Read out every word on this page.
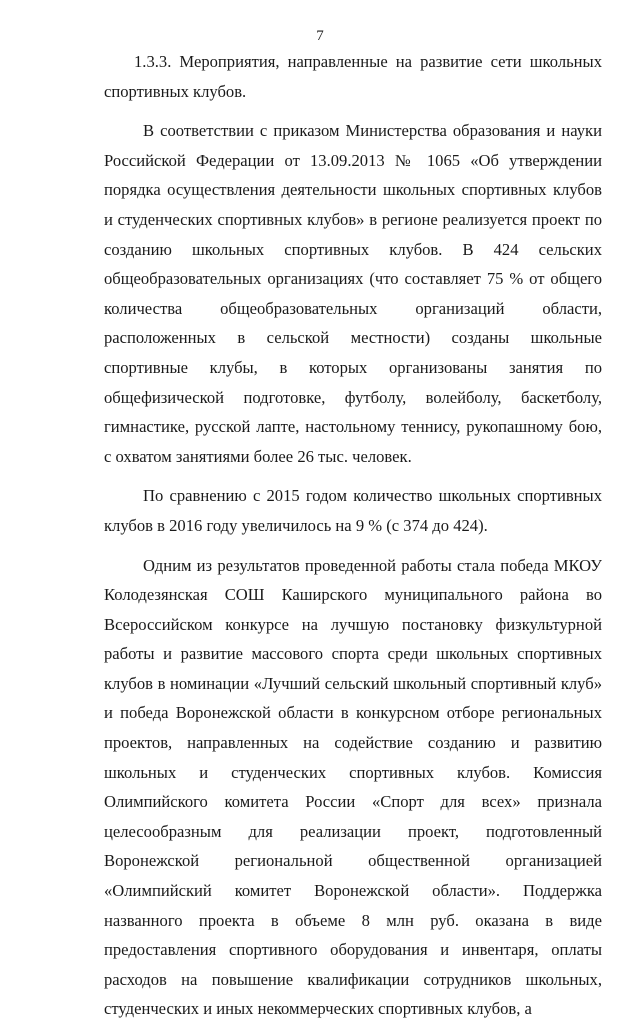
7

1.3.3. Мероприятия, направленные на развитие сети школьных спортивных клубов.

В соответствии с приказом Министерства образования и науки Российской Федерации от 13.09.2013 № 1065 «Об утверждении порядка осуществления деятельности школьных спортивных клубов и студенческих спортивных клубов» в регионе реализуется проект по созданию школьных спортивных клубов. В 424 сельских общеобразовательных организациях (что составляет 75 % от общего количества общеобразовательных организаций области, расположенных в сельской местности) созданы школьные спортивные клубы, в которых организованы занятия по общефизической подготовке, футболу, волейболу, баскетболу, гимнастике, русской лапте, настольному теннису, рукопашному бою, с охватом занятиями более 26 тыс. человек.

По сравнению с 2015 годом количество школьных спортивных клубов в 2016 году увеличилось на 9 % (с 374 до 424).

Одним из результатов проведенной работы стала победа МКОУ Колодезянская СОШ Каширского муниципального района во Всероссийском конкурсе на лучшую постановку физкультурной работы и развитие массового спорта среди школьных спортивных клубов в номинации «Лучший сельский школьный спортивный клуб» и победа Воронежской области в конкурсном отборе региональных проектов, направленных на содействие созданию и развитию школьных и студенческих спортивных клубов. Комиссия Олимпийского комитета России «Спорт для всех» признала целесообразным для реализации проект, подготовленный Воронежской региональной общественной организацией «Олимпийский комитет Воронежской области». Поддержка названного проекта в объеме 8 млн руб. оказана в виде предоставления спортивного оборудования и инвентаря, оплаты расходов на повышение квалификации сотрудников школьных, студенческих и иных некоммерческих спортивных клубов, а
